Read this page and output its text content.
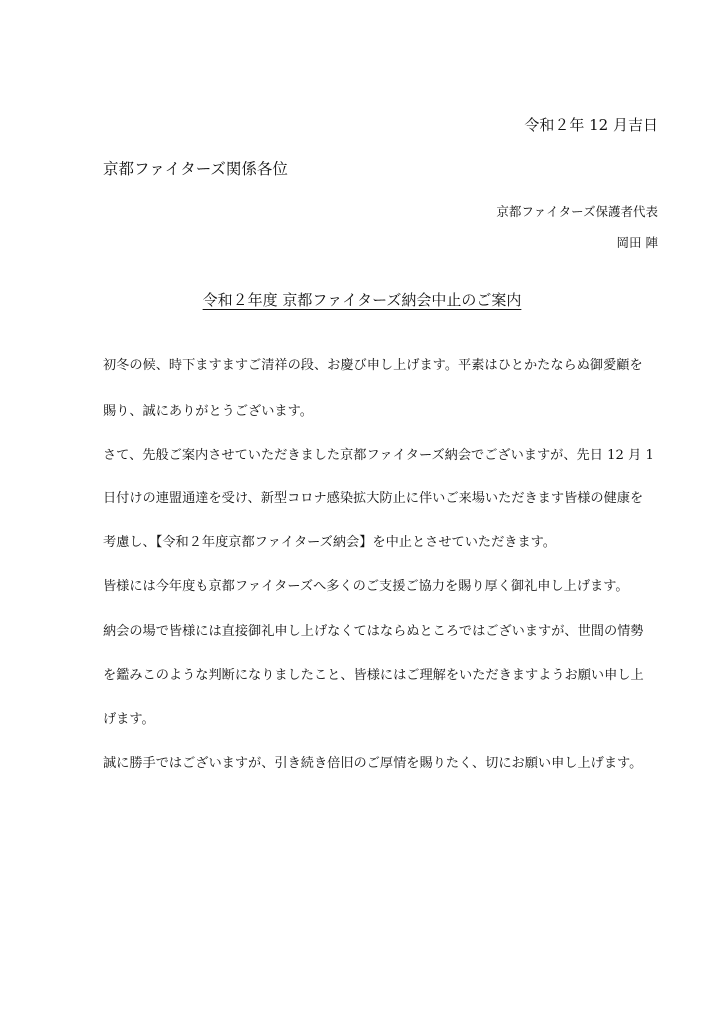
令和２年 12 月吉日
京都ファイターズ関係各位
京都ファイターズ保護者代表
岡田 陣
令和２年度 京都ファイターズ納会中止のご案内
初冬の候、時下ますますご清祥の段、お慶び申し上げます。平素はひとかたならぬ御愛顧を
賜り、誠にありがとうございます。
さて、先般ご案内させていただきました京都ファイターズ納会でございますが、先日 12 月 1
日付けの連盟通達を受け、新型コロナ感染拡大防止に伴いご来場いただきます皆様の健康を
考慮し、【令和２年度京都ファイターズ納会】を中止とさせていただきます。
皆様には今年度も京都ファイターズへ多くのご支援ご協力を賜り厚く御礼申し上げます。
納会の場で皆様には直接御礼申し上げなくてはならぬところではございますが、世間の情勢
を鑑みこのような判断になりましたこと、皆様にはご理解をいただきますようお願い申し上
げます。
誠に勝手ではございますが、引き続き倍旧のご厚情を賜りたく、切にお願い申し上げます。
